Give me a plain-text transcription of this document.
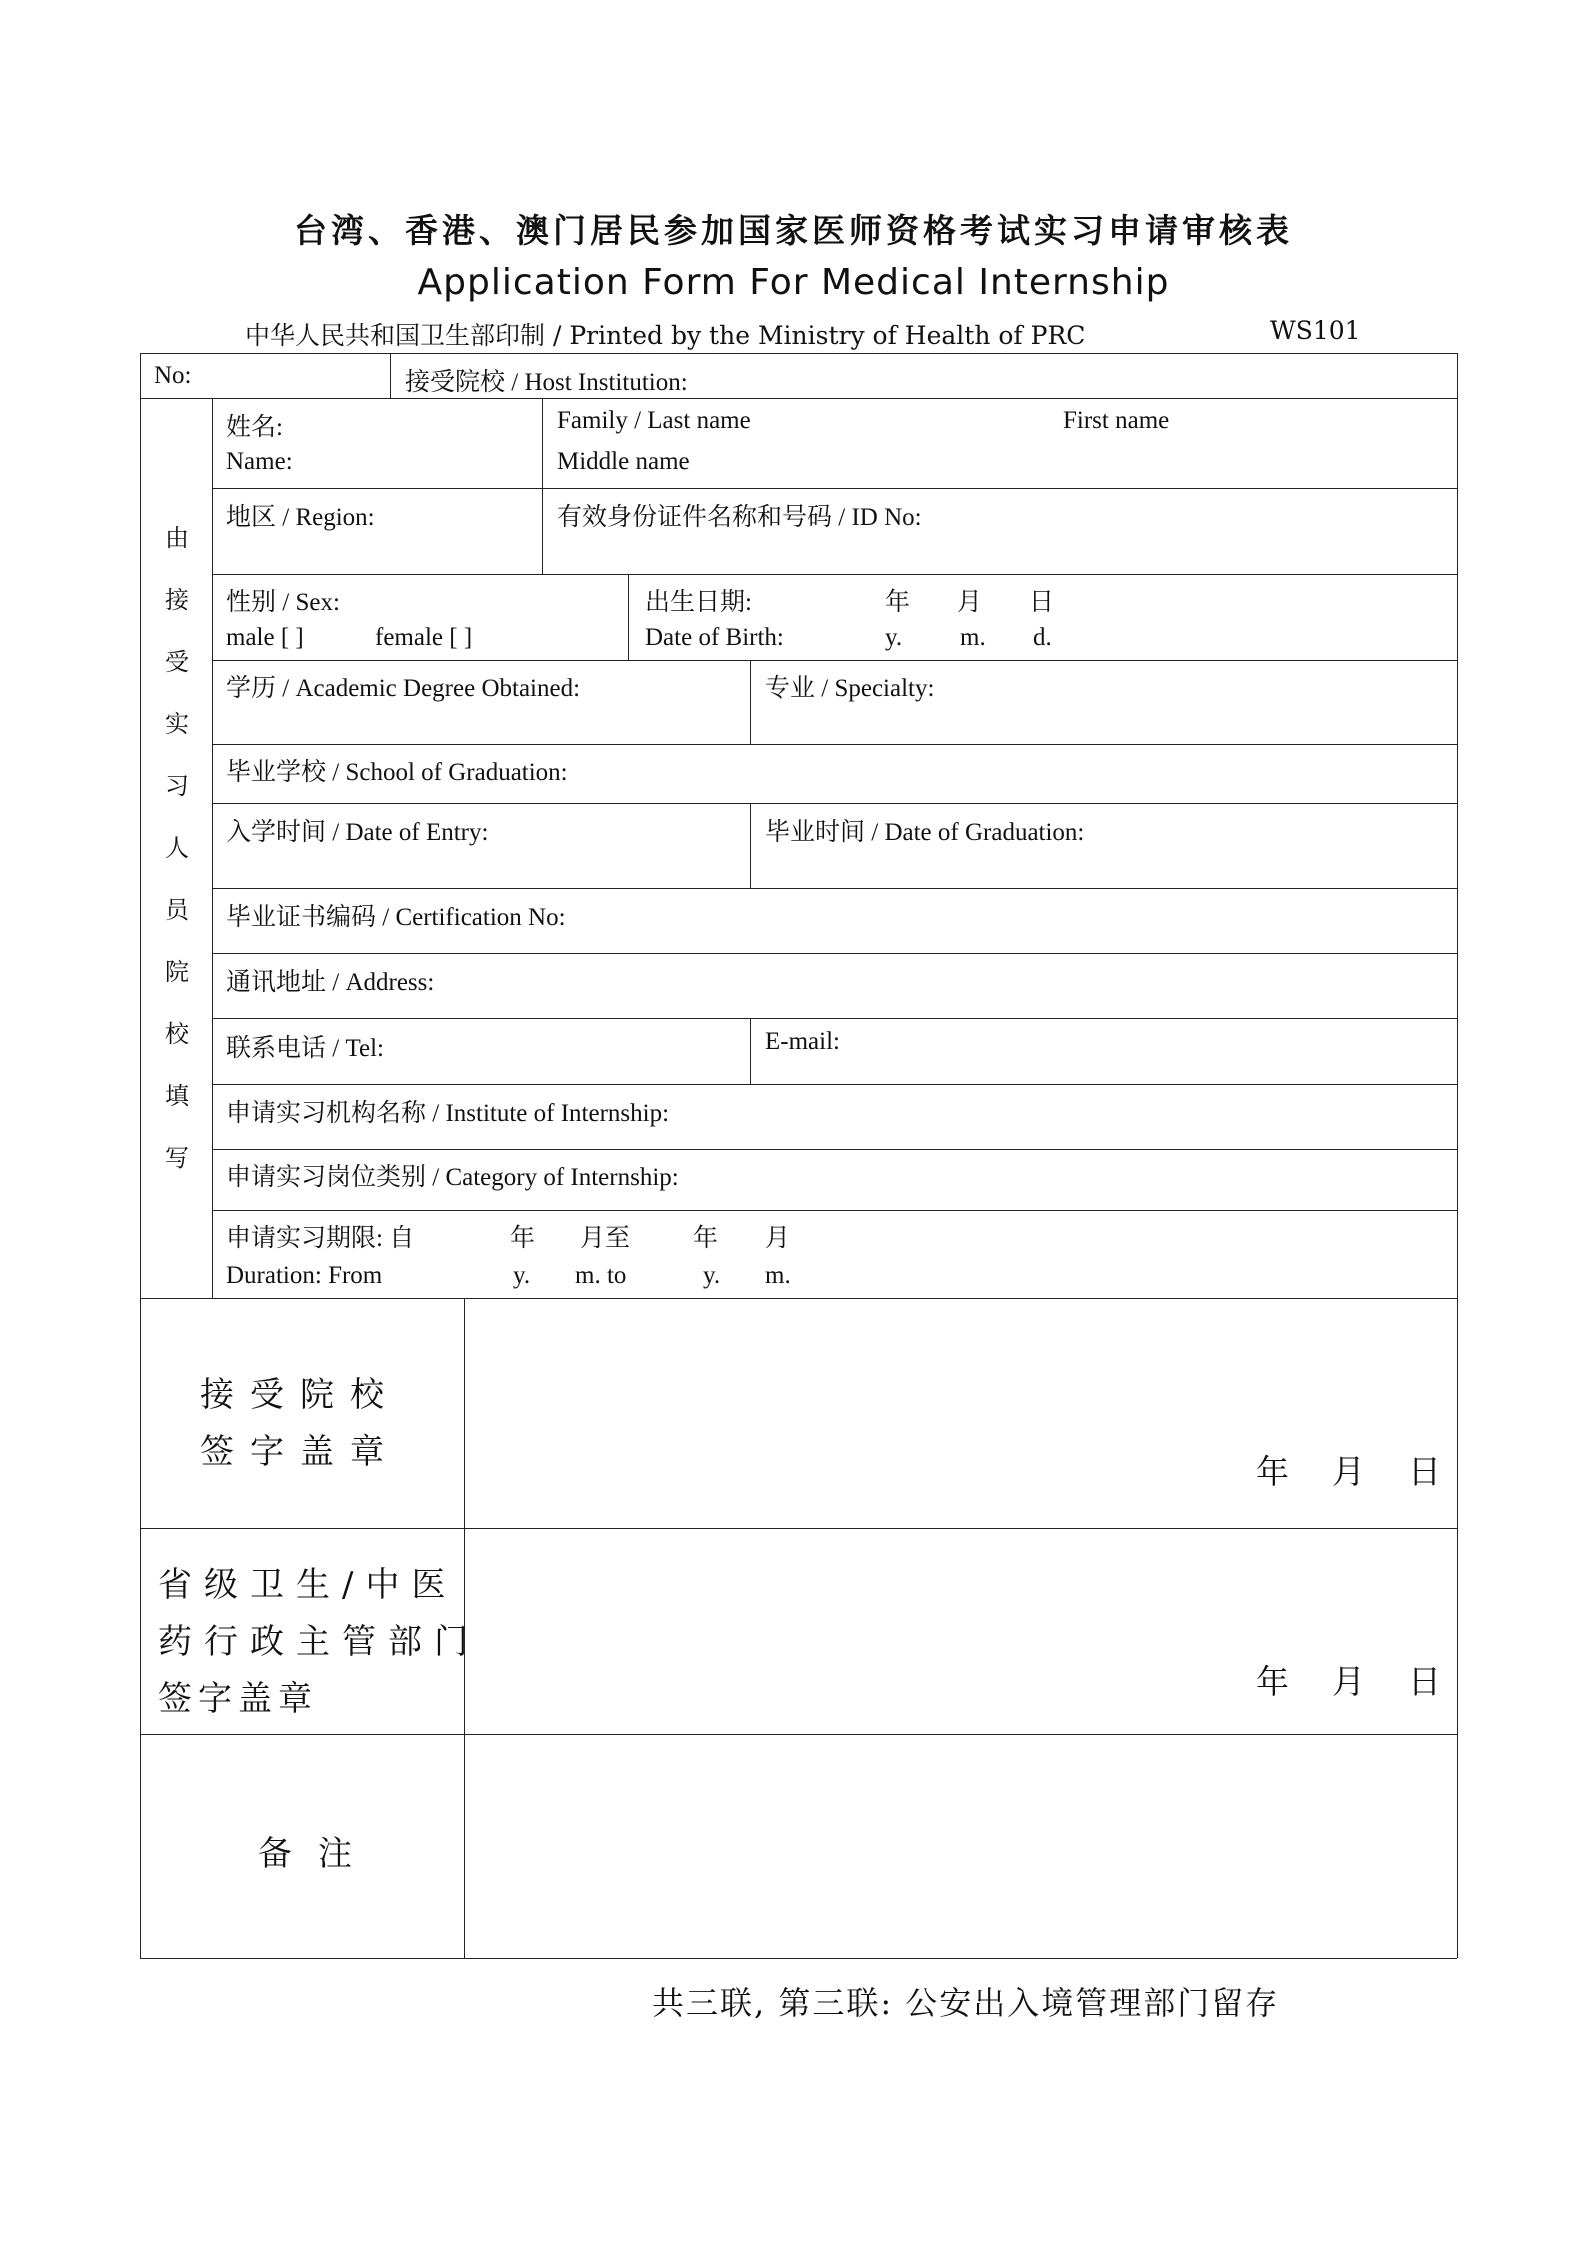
台湾、香港、澳门居民参加国家医师资格考试实习申请审核表
Application Form For Medical Internship
中华人民共和国卫生部印制 / Printed by the Ministry of Health of PRC	WS101
No:	接受院校 / Host Institution:
由
接
受
实
习
人
员
院
校
填
写
姓名:
Name:
Family / Last name	First name
Middle name
地区 / Region:	有效身份证件名称和号码 / ID No:
性别 / Sex:
male [ ]	female [ ]
出生日期:	年 月 日
Date of Birth:	y. m. d.
学历 / Academic Degree Obtained:	专业 / Specialty:
毕业学校 / School of Graduation:
入学时间 / Date of Entry:	毕业时间 / Date of Graduation:
毕业证书编码 / Certification No:
通讯地址 / Address:
联系电话 / Tel:	E-mail:
申请实习机构名称 / Institute of Internship:
申请实习岗位类别 / Category of Internship:
申请实习期限: 自	年 月至	年 月
Duration: From	y. m. to	y. m.
接受院校
签字盖章	年 月 日
省级卫生/中医
药行政主管部门
签字盖章	年 月 日
备注
共三联, 第三联: 公安出入境管理部门留存
